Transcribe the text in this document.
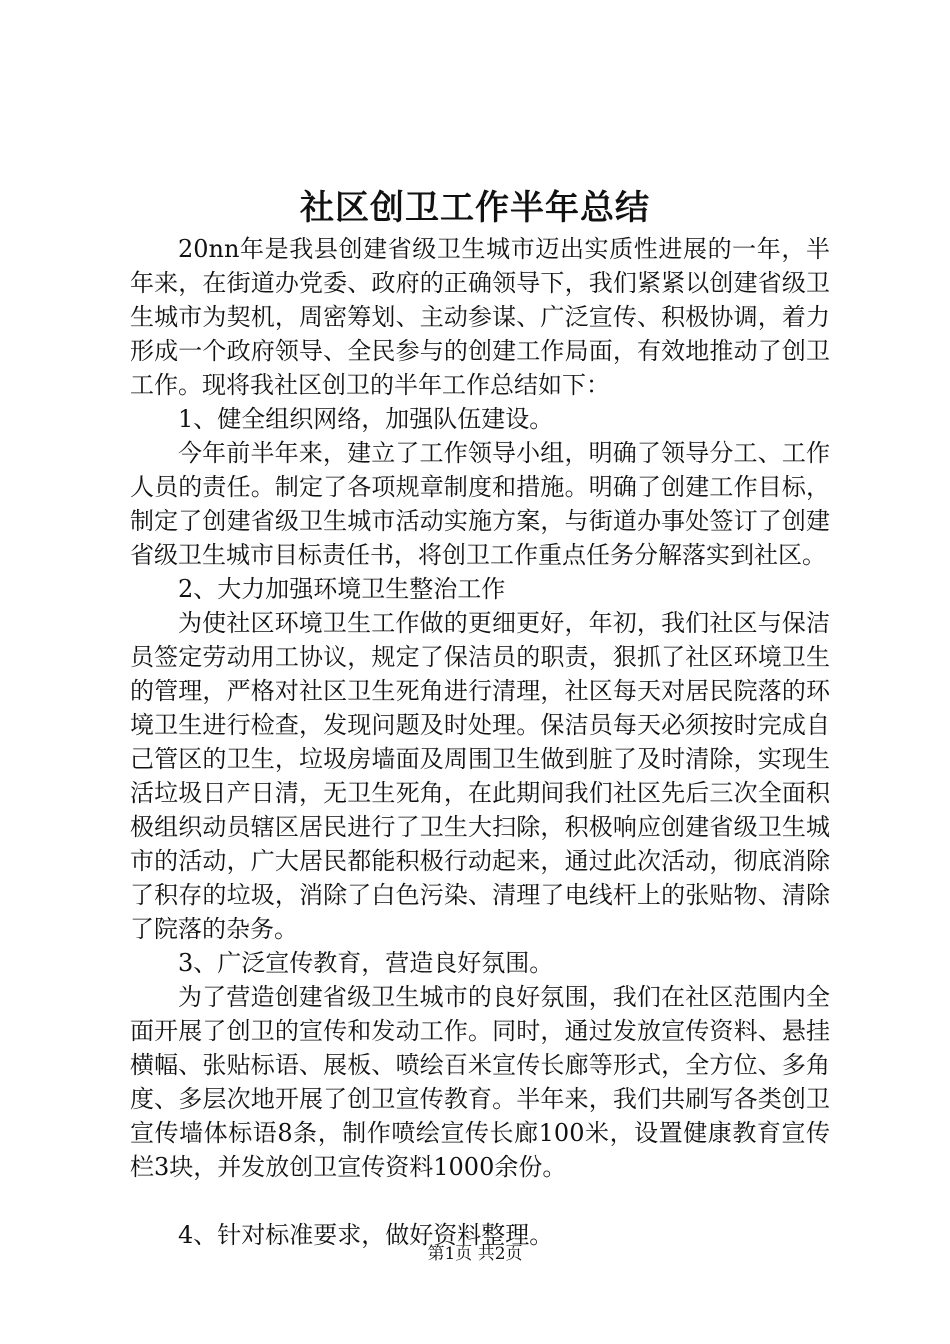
社区创卫工作半年总结

20nn年是我县创建省级卫生城市迈出实质性进展的一年，半年来，在街道办党委、政府的正确领导下，我们紧紧以创建省级卫生城市为契机，周密筹划、主动参谋、广泛宣传、积极协调，着力形成一个政府领导、全民参与的创建工作局面，有效地推动了创卫工作。现将我社区创卫的半年工作总结如下：

1、健全组织网络，加强队伍建设。

今年前半年来，建立了工作领导小组，明确了领导分工、工作人员的责任。制定了各项规章制度和措施。明确了创建工作目标，制定了创建省级卫生城市活动实施方案，与街道办事处签订了创建省级卫生城市目标责任书，将创卫工作重点任务分解落实到社区。

2、大力加强环境卫生整治工作

为使社区环境卫生工作做的更细更好，年初，我们社区与保洁员签定劳动用工协议，规定了保洁员的职责，狠抓了社区环境卫生的管理，严格对社区卫生死角进行清理，社区每天对居民院落的环境卫生进行检查，发现问题及时处理。保洁员每天必须按时完成自己管区的卫生，垃圾房墙面及周围卫生做到脏了及时清除，实现生活垃圾日产日清，无卫生死角，在此期间我们社区先后三次全面积极组织动员辖区居民进行了卫生大扫除，积极响应创建省级卫生城市的活动，广大居民都能积极行动起来，通过此次活动，彻底消除了积存的垃圾，消除了白色污染、清理了电线杆上的张贴物、清除了院落的杂务。

3、广泛宣传教育，营造良好氛围。

为了营造创建省级卫生城市的良好氛围，我们在社区范围内全面开展了创卫的宣传和发动工作。同时，通过发放宣传资料、悬挂横幅、张贴标语、展板、喷绘百米宣传长廊等形式，全方位、多角度、多层次地开展了创卫宣传教育。半年来，我们共刷写各类创卫宣传墙体标语8条，制作喷绘宣传长廊100米，设置健康教育宣传栏3块，并发放创卫宣传资料1000余份。

4、针对标准要求，做好资料整理。

第1页 共2页
